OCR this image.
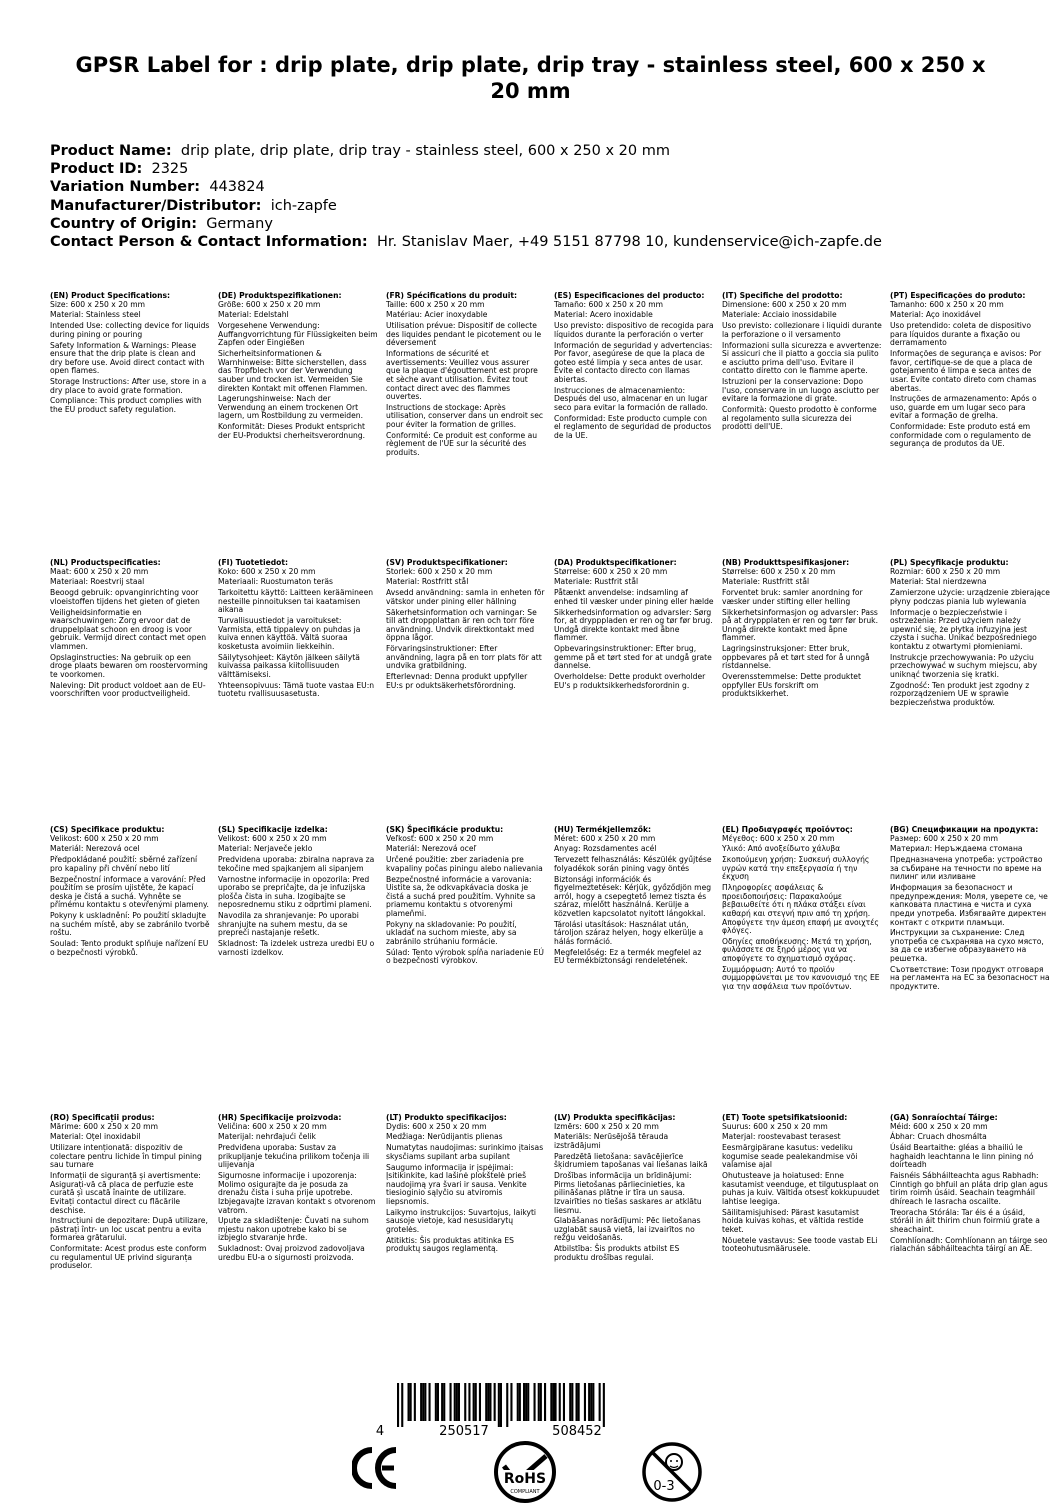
GPSR Label for : drip plate, drip plate, drip tray - stainless steel, 600 x 250 x 20 mm
Product Name: drip plate, drip plate, drip tray - stainless steel, 600 x 250 x 20 mm
Product ID: 2325
Variation Number: 443824
Manufacturer/Distributor: ich-zapfe
Country of Origin: Germany
Contact Person & Contact Information: Hr. Stanislav Maer, +49 5151 87798 10, kundenservice@ich-zapfe.de
(EN) Product Specifications:

Size: 600 x 250 x 20 mm

Material: Stainless steel

Intended Use: collecting device for liquids during pining or pouring

Safety Information & Warnings: Please ensure that the drip plate is clean and dry before use. Avoid direct contact with open flames.

Storage Instructions: After use, store in a dry place to avoid grate formation.

Compliance: This product complies with the EU product safety regulation.

(DE) Produktspezifikationen:

Größe: 600 x 250 x 20 mm

Material: Edelstahl

Vorgesehene Verwendung: Auffangvorrichtung für Flüssigkeiten beim Zapfen oder Eingießen

Sicherheitsinformationen & Warnhinweise: Bitte sicherstellen, dass das Tropfblech vor der Verwendung sauber und trocken ist. Vermeiden Sie direkten Kontakt mit offenen Flammen.

Lagerungshinweise: Nach der Verwendung an einem trockenen Ort lagern, um Rostbildung zu vermeiden.

Konformität: Dieses Produkt entspricht der EU-Produktsi cherheitsverordnung.

(FR) Spécifications du produit:

Taille: 600 x 250 x 20 mm

Matériau: Acier inoxydable

Utilisation prévue: Dispositif de collecte des liquides pendant le picotement ou le déversement

Informations de sécurité et avertissements: Veuillez vous assurer que la plaque d'égouttement est propre et sèche avant utilisation. Évitez tout contact direct avec des flammes ouvertes.

Instructions de stockage: Après utilisation, conserver dans un endroit sec pour éviter la formation de grilles.

Conformité: Ce produit est conforme au règlement de l'UE sur la sécurité des produits.

(ES) Especificaciones del producto:

Tamaño: 600 x 250 x 20 mm

Material: Acero inoxidable

Uso previsto: dispositivo de recogida para líquidos durante la perforación o verter

Información de seguridad y advertencias: Por favor, asegúrese de que la placa de goteo esté limpia y seca antes de usar. Evite el contacto directo con llamas abiertas.

Instrucciones de almacenamiento: Después del uso, almacenar en un lugar seco para evitar la formación de rallado.

Conformidad: Este producto cumple con el reglamento de seguridad de productos de la UE.

(IT) Specifiche del prodotto:

Dimensione: 600 x 250 x 20 mm

Materiale: Acciaio inossidabile

Uso previsto: collezionare i liquidi durante la perforazione o il versamento

Informazioni sulla sicurezza e avvertenze: Si assicuri che il piatto a goccia sia pulito e asciutto prima dell'uso. Evitare il contatto diretto con le fiamme aperte.

Istruzioni per la conservazione: Dopo l'uso, conservare in un luogo asciutto per evitare la formazione di grate.

Conformità: Questo prodotto è conforme al regolamento sulla sicurezza dei prodotti dell'UE.

(PT) Especificações do produto:

Tamanho: 600 x 250 x 20 mm

Material: Aço inoxidável

Uso pretendido: coleta de dispositivo para líquidos durante a fixação ou derramamento

Informações de segurança e avisos: Por favor, certifique-se de que a placa de gotejamento é limpa e seca antes de usar. Evite contato direto com chamas abertas.

Instruções de armazenamento: Após o uso, guarde em um lugar seco para evitar a formação de grelha.

Conformidade: Este produto está em conformidade com o regulamento de segurança de produtos da UE.

(NL) Productspecificaties:

Maat: 600 x 250 x 20 mm

Materiaal: Roestvrij staal

Beoogd gebruik: opvanginrichting voor vloeistoffen tijdens het gieten of gieten

Veiligheidsinformatie en waarschuwingen: Zorg ervoor dat de druppelplaat schoon en droog is voor gebruik. Vermijd direct contact met open vlammen.

Opslaginstructies: Na gebruik op een droge plaats bewaren om roostervorming te voorkomen.

Naleving: Dit product voldoet aan de EU-voorschriften voor productveiligheid.

(FI) Tuotetiedot:

Koko: 600 x 250 x 20 mm

Materiaali: Ruostumaton teräs

Tarkoitettu käyttö: Laitteen keräämineen nesteille pinnoituksen tai kaatamisen aikana

Turvallisuustiedot ja varoitukset: Varmista, että tippalevy on puhdas ja kuiva ennen käyttöä. Vältä suoraa kosketusta avoimiin liekkeihin.

Säilytysohjeet: Käytön jälkeen säilytä kuivassa paikassa kiitollisuuden välttämiseksi.

Yhteensopivuus: Tämä tuote vastaa EU:n tuotetu rvallisuusasetusta.

(SV) Produktspecifikationer:

Storlek: 600 x 250 x 20 mm

Material: Rostfritt stål

Avsedd användning: samla in enheten för vätskor under pining eller hällning

Säkerhetsinformation och varningar: Se till att droppplattan är ren och torr före användning. Undvik direktkontakt med öppna lågor.

Förvaringsinstruktioner: Efter användning, lagra på en torr plats för att undvika gratbildning.

Efterlevnad: Denna produkt uppfyller EU:s pr oduktsäkerhetsförordning.

(DA) Produktspecifikationer:

Størrelse: 600 x 250 x 20 mm

Materiale: Rustfrit stål

Påtænkt anvendelse: indsamling af enhed til væsker under pining eller hælde

Sikkerhedsinformation og advarsler: Sørg for, at drypppladen er ren og tør før brug. Undgå direkte kontakt med åbne flammer.

Opbevaringsinstruktioner: Efter brug, gemme på et tørt sted for at undgå grate dannelse.

Overholdelse: Dette produkt overholder EU's p roduktsikkerhedsforordnin g.

(NB) Produkttspesifikasjoner:

Størrelse: 600 x 250 x 20 mm

Materiale: Rustfritt stål

Forventet bruk: samler anordning for væsker under stifting eller helling

Sikkerhetsinformasjon og advarsler: Pass på at dryppplaten er ren og tørr før bruk. Unngå direkte kontakt med åpne flammer.

Lagringsinstruksjoner: Etter bruk, oppbevares på et tørt sted for å unngå ristdannelse.

Overensstemmelse: Dette produktet oppfyller EUs forskrift om produktsikkerhet.

(PL) Specyfikacje produktu:

Rozmiar: 600 x 250 x 20 mm

Materiał: Stal nierdzewna

Zamierzone użycie: urządzenie zbierające płyny podczas piania lub wylewania

Informacje o bezpieczeństwie i ostrzeżenia: Przed użyciem należy upewnić się, że płytka infuzyjna jest czysta i sucha. Unikać bezpośredniego kontaktu z otwartymi płomieniami.

Instrukcje przechowywania: Po użyciu przechowywać w suchym miejscu, aby uniknąć tworzenia się kratki.

Zgodność: Ten produkt jest zgodny z rozporządzeniem UE w sprawie bezpieczeństwa produktów.

(CS) Specifikace produktu:

Velikost: 600 x 250 x 20 mm

Materiál: Nerezová ocel

Předpokládané použití: sběrné zařízení pro kapaliny při chvění nebo lití

Bezpečnostní informace a varování: Před použitím se prosím ujistěte, že kapací deska je čistá a suchá. Vyhněte se přímému kontaktu s otevřenými plameny.

Pokyny k uskladnění: Po použití skladujte na suchém místě, aby se zabránilo tvorbě roštu.

Soulad: Tento produkt splňuje nařízení EU o bezpečnosti výrobků.

(SL) Specifikacije izdelka:

Velikost: 600 x 250 x 20 mm

Material: Nerjaveče jeklo

Predvidena uporaba: zbiralna naprava za tekočine med spajkanjem ali sipanjem

Varnostne informacije in opozorila: Pred uporabo se prepričajte, da je infuzijska plošča čista in suha. Izogibajte se neposrednemu stiku z odprtimi plameni.

Navodila za shranjevanje: Po uporabi shranjujte na suhem mestu, da se prepreči nastajanje rešetk.

Skladnost: Ta izdelek ustreza uredbi EU o varnosti izdelkov.

(SK) Špecifikácie produktu:

Veľkosť: 600 x 250 x 20 mm

Materiál: Nerezová oceľ

Určené použitie: zber zariadenia pre kvapaliny počas piningu alebo nalievania

Bezpečnostné informácie a varovania: Uistite sa, že odkvapkávacia doska je čistá a suchá pred použitím. Vyhnite sa priamemu kontaktu s otvorenými plameňmi.

Pokyny na skladovanie: Po použití, ukladať na suchom mieste, aby sa zabránilo strúhaniu formácie.

Súlad: Tento výrobok spĺňa nariadenie EÚ o bezpečnosti výrobkov.

(HU) Termékjellemzők:

Méret: 600 x 250 x 20 mm

Anyag: Rozsdamentes acél

Tervezett felhasználás: Készülék gyűjtése folyadékok során pining vagy öntés

Biztonsági információk és figyelmeztetések: Kérjük, győződjön meg arról, hogy a csepegtető lemez tiszta és száraz, mielőtt használná. Kerülje a közvetlen kapcsolatot nyitott lángokkal.

Tárolási utasítások: Használat után, tároljon száraz helyen, hogy elkerülje a hálás formáció.

Megfelelőség: Ez a termék megfelel az EU termékbiztonsági rendeletének.

(EL) Προδιαγραφές προϊόντος:

Μέγεθος: 600 x 250 x 20 mm

Υλικό: Από ανοξείδωτο χάλυβα

Σκοπούμενη χρήση: Συσκευή συλλογής υγρών κατά την επεξεργασία ή την έκχυση

Πληροφορίες ασφάλειας & προειδοποιήσεις: Παρακαλούμε βεβαιωθείτε ότι η πλάκα στάξει είναι καθαρή και στεγνή πριν από τη χρήση. Αποφύγετε την άμεση επαφή με ανοιχτές φλόγες.

Οδηγίες αποθήκευσης: Μετά τη χρήση, φυλάσσετε σε ξηρό μέρος για να αποφύγετε το σχηματισμό σχάρας.

Συμμόρφωση: Αυτό το προϊόν συμμορφώνεται με τον κανονισμό της ΕΕ για την ασφάλεια των προϊόντων.

(BG) Спецификации на продукта:

Размер: 600 x 250 x 20 mm

Материал: Неръждаема стомана

Предназначена употреба: устройство за събиране на течности по време на пилинг или изливане

Информация за безопасност и предупреждения: Моля, уверете се, че капковата пластина е чиста и суха преди употреба. Избягвайте директен контакт с открити пламъци.

Инструкции за съхранение: След употреба се съхранява на сухо място, за да се избегне образуването на решетка.

Съответствие: Този продукт отговаря на регламента на ЕС за безопасност на продуктите.

(RO) Specificații produs:

Mărime: 600 x 250 x 20 mm

Material: Oțel inoxidabil

Utilizare intenționată: dispozitiv de colectare pentru lichide în timpul pining sau turnare

Informații de siguranță și avertismente: Asigurați-vă că placa de perfuzie este curată și uscată înainte de utilizare. Evitați contactul direct cu flăcările deschise.

Instrucțiuni de depozitare: După utilizare, păstrați într- un loc uscat pentru a evita formarea grătarului.

Conformitate: Acest produs este conform cu regulamentul UE privind siguranța produselor.

(HR) Specifikacije proizvoda:

Veličina: 600 x 250 x 20 mm

Materijal: nehrđajući čelik

Predviđena uporaba: Sustav za prikupljanje tekućina prilikom točenja ili ulijevanja

Sigurnosne informacije i upozorenja: Molimo osigurajte da je posuda za drenažu čista i suha prije upotrebe. Izbjegavajte izravan kontakt s otvorenom vatrom.

Upute za skladištenje: Čuvati na suhom mjestu nakon upotrebe kako bi se izbjeglo stvaranje hrđe.

Sukladnost: Ovaj proizvod zadovoljava uredbu EU-a o sigurnosti proizvoda.

(LT) Produkto specifikacijos:

Dydis: 600 x 250 x 20 mm

Medžiaga: Nerūdijantis plienas

Numatytas naudojimas: surinkimo įtaisas skysčiams supilant arba supilant

Saugumo informacija ir įspėjimai: Įsitikinkite, kad lašinė plokštelė prieš naudojimą yra švari ir sausa. Venkite tiesioginio sąlyčio su atviromis liepsnomis.

Laikymo instrukcijos: Suvartojus, laikyti sausoje vietoje, kad nesusidarytų grotelės.

Atitiktis: Šis produktas atitinka ES produktų saugos reglamentą.

(LV) Produkta specifikācijas:

Izmērs: 600 x 250 x 20 mm

Materiāls: Nerūsējošā tērauda izstrādājumi

Paredzētā lietošana: savācējierīce šķidrumiem tapošanas vai liešanas laikā

Drošības informācija un brīdinājumi: Pirms lietošanas pārliecinieties, ka pilināšanas plātne ir tīra un sausa. Izvairīties no tiešas saskares ar atklātu liesmu.

Glabāšanas norādījumi: Pēc lietošanas uzglabāt sausā vietā, lai izvairītos no režģu veidošanās.

Atbilstība: Šis produkts atbilst ES produktu drošības regulai.

(ET) Toote spetsifikatsioonid:

Suurus: 600 x 250 x 20 mm

Materjal: roostevabast terasest

Eesmärgipärane kasutus: vedeliku kogumise seade pealekandmise või valamise ajal

Ohutusteave ja hoiatused: Enne kasutamist veenduge, et tilgutusplaat on puhas ja kuiv. Vältida otsest kokkupuudet lahtise leegiga.

Säilitamisjuhised: Pärast kasutamist hoida kuivas kohas, et vältida restide teket.

Nõuetele vastavus: See toode vastab ELi tooteohutusmäärusele.

(GA) Sonraíochtaí Táirge:

Méid: 600 x 250 x 20 mm

Ábhar: Cruach dhosmálta

Úsáid Beartaithe: gléas a bhailiú le haghaidh leachtanna le linn pining nó doirteadh

Faisnéis Sábháilteachta agus Rabhadh: Cinntigh go bhfuil an pláta drip glan agus tirim roimh úsáid. Seachain teagmháil dhíreach le lasracha oscailte.

Treoracha Stórála: Tar éis é a úsáid, stóráil in áit thirim chun foirmiú grate a sheachaint.

Comhlíonadh: Comhlíonann an táirge seo rialachán sábháilteachta táirgí an AE.

4	250517	508452
RoHS
COMPLIANT	0-3
